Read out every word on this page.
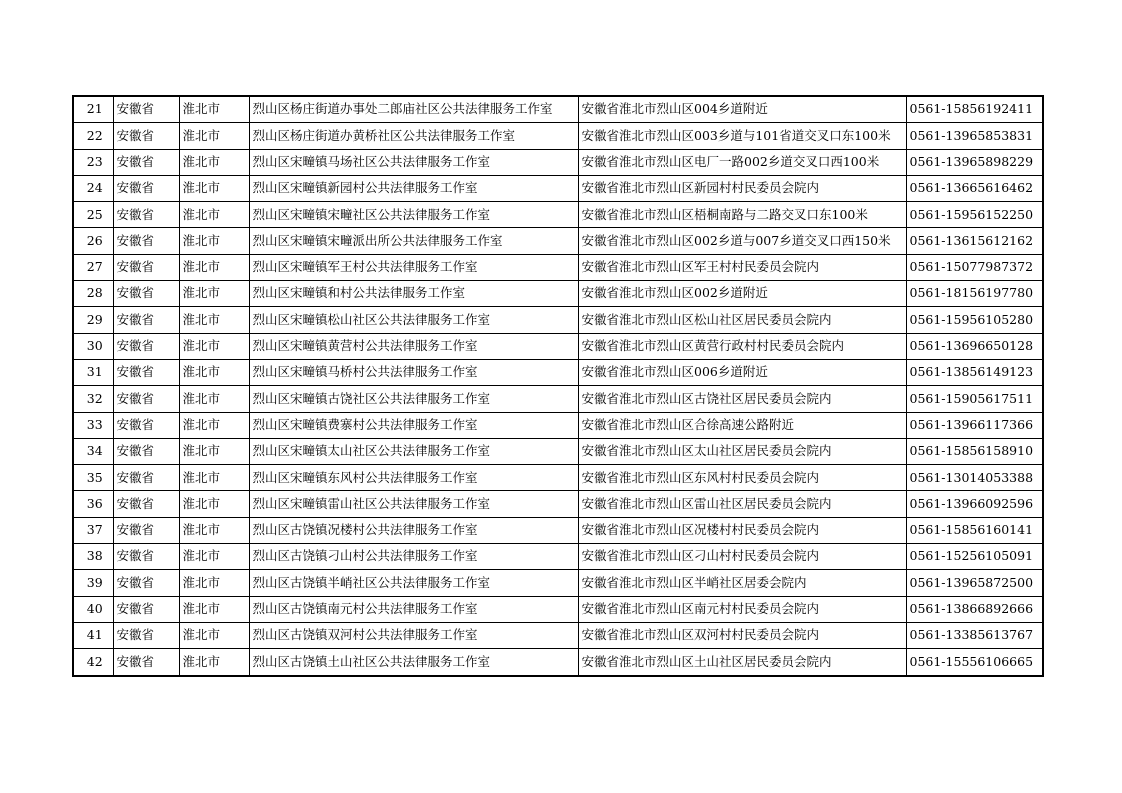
21	安徽省	淮北市	烈山区杨庄街道办事处二郎庙社区公共法律服务工作室	安徽省淮北市烈山区004乡道附近	0561-15856192411
22	安徽省	淮北市	烈山区杨庄街道办黄桥社区公共法律服务工作室	安徽省淮北市烈山区003乡道与101省道交叉口东100米	0561-13965853831
23	安徽省	淮北市	烈山区宋疃镇马场社区公共法律服务工作室	安徽省淮北市烈山区电厂一路002乡道交叉口西100米	0561-13965898229
24	安徽省	淮北市	烈山区宋疃镇新园村公共法律服务工作室	安徽省淮北市烈山区新园村村民委员会院内	0561-13665616462
25	安徽省	淮北市	烈山区宋疃镇宋疃社区公共法律服务工作室	安徽省淮北市烈山区梧桐南路与二路交叉口东100米	0561-15956152250
26	安徽省	淮北市	烈山区宋疃镇宋疃派出所公共法律服务工作室	安徽省淮北市烈山区002乡道与007乡道交叉口西150米	0561-13615612162
27	安徽省	淮北市	烈山区宋疃镇军王村公共法律服务工作室	安徽省淮北市烈山区军王村村民委员会院内	0561-15077987372
28	安徽省	淮北市	烈山区宋疃镇和村公共法律服务工作室	安徽省淮北市烈山区002乡道附近	0561-18156197780
29	安徽省	淮北市	烈山区宋疃镇松山社区公共法律服务工作室	安徽省淮北市烈山区松山社区居民委员会院内	0561-15956105280
30	安徽省	淮北市	烈山区宋疃镇黄营村公共法律服务工作室	安徽省淮北市烈山区黄营行政村村民委员会院内	0561-13696650128
31	安徽省	淮北市	烈山区宋疃镇马桥村公共法律服务工作室	安徽省淮北市烈山区006乡道附近	0561-13856149123
32	安徽省	淮北市	烈山区宋疃镇古饶社区公共法律服务工作室	安徽省淮北市烈山区古饶社区居民委员会院内	0561-15905617511
33	安徽省	淮北市	烈山区宋疃镇费寨村公共法律服务工作室	安徽省淮北市烈山区合徐高速公路附近	0561-13966117366
34	安徽省	淮北市	烈山区宋疃镇太山社区公共法律服务工作室	安徽省淮北市烈山区太山社区居民委员会院内	0561-15856158910
35	安徽省	淮北市	烈山区宋疃镇东风村公共法律服务工作室	安徽省淮北市烈山区东风村村民委员会院内	0561-13014053388
36	安徽省	淮北市	烈山区宋疃镇雷山社区公共法律服务工作室	安徽省淮北市烈山区雷山社区居民委员会院内	0561-13966092596
37	安徽省	淮北市	烈山区古饶镇况楼村公共法律服务工作室	安徽省淮北市烈山区况楼村村民委员会院内	0561-15856160141
38	安徽省	淮北市	烈山区古饶镇刁山村公共法律服务工作室	安徽省淮北市烈山区刁山村村民委员会院内	0561-15256105091
39	安徽省	淮北市	烈山区古饶镇半峭社区公共法律服务工作室	安徽省淮北市烈山区半峭社区居委会院内	0561-13965872500
40	安徽省	淮北市	烈山区古饶镇南元村公共法律服务工作室	安徽省淮北市烈山区南元村村民委员会院内	0561-13866892666
41	安徽省	淮北市	烈山区古饶镇双河村公共法律服务工作室	安徽省淮北市烈山区双河村村民委员会院内	0561-13385613767
42	安徽省	淮北市	烈山区古饶镇土山社区公共法律服务工作室	安徽省淮北市烈山区土山社区居民委员会院内	0561-15556106665
